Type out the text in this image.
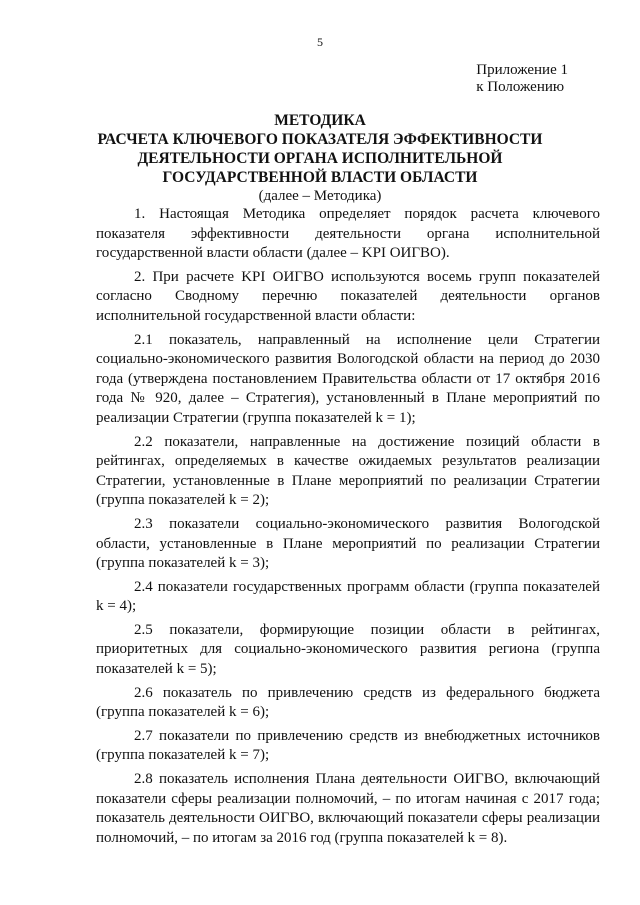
5
Приложение 1
к Положению
МЕТОДИКА
РАСЧЕТА КЛЮЧЕВОГО ПОКАЗАТЕЛЯ ЭФФЕКТИВНОСТИ
ДЕЯТЕЛЬНОСТИ ОРГАНА ИСПОЛНИТЕЛЬНОЙ
ГОСУДАРСТВЕННОЙ ВЛАСТИ ОБЛАСТИ
(далее – Методика)

1. Настоящая Методика определяет порядок расчета ключевого показателя эффективности деятельности органа исполнительной государственной власти области (далее – KPI ОИГВО).

2. При расчете KPI ОИГВО используются восемь групп показателей согласно Сводному перечню показателей деятельности органов исполнительной государственной власти области:

2.1 показатель, направленный на исполнение цели Стратегии социально-экономического развития Вологодской области на период до 2030 года (утверждена постановлением Правительства области от 17 октября 2016 года № 920, далее – Стратегия), установленный в Плане мероприятий по реализации Стратегии (группа показателей k = 1);

2.2 показатели, направленные на достижение позиций области в рейтингах, определяемых в качестве ожидаемых результатов реализации Стратегии, установленные в Плане мероприятий по реализации Стратегии (группа показателей k = 2);

2.3 показатели социально-экономического развития Вологодской области, установленные в Плане мероприятий по реализации Стратегии (группа показателей k = 3);

2.4 показатели государственных программ области (группа показателей k = 4);

2.5 показатели, формирующие позиции области в рейтингах, приоритетных для социально-экономического развития региона (группа показателей k = 5);

2.6 показатель по привлечению средств из федерального бюджета (группа показателей k = 6);

2.7 показатели по привлечению средств из внебюджетных источников (группа показателей k = 7);

2.8 показатель исполнения Плана деятельности ОИГВО, включающий показатели сферы реализации полномочий, – по итогам начиная с 2017 года; показатель деятельности ОИГВО, включающий показатели сферы реализации полномочий, – по итогам за 2016 год (группа показателей k = 8).
